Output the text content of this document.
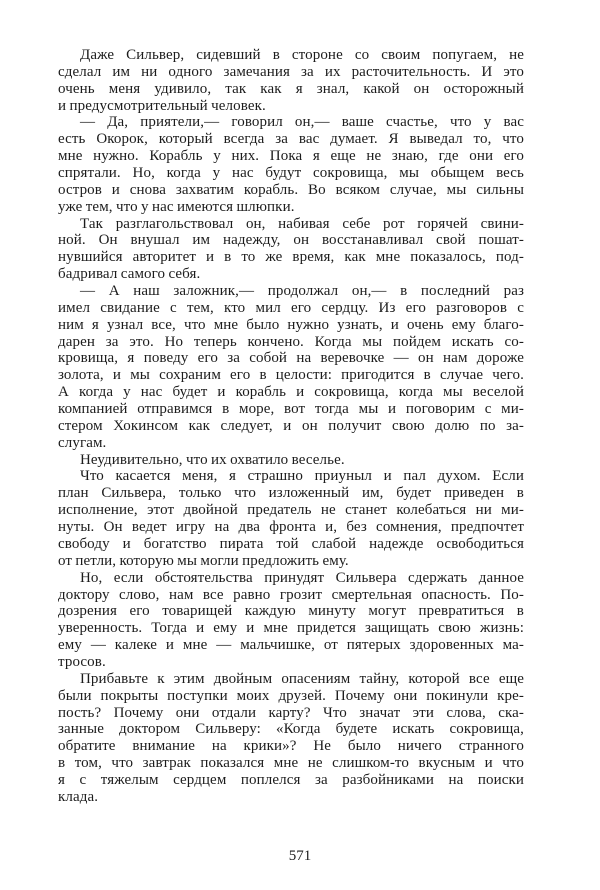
Даже Сильвер, сидевший в стороне со своим попугаем, не
сделал им ни одного замечания за их расточительность. И это
очень меня удивило, так как я знал, какой он осторожный
и предусмотрительный человек.
— Да, приятели,— говорил он,— ваше счастье, что у вас
есть Окорок, который всегда за вас думает. Я выведал то, что
мне нужно. Корабль у них. Пока я еще не знаю, где они его
спрятали. Но, когда у нас будут сокровища, мы обыщем весь
остров и снова захватим корабль. Во всяком случае, мы сильны
уже тем, что у нас имеются шлюпки.
Так разглагольствовал он, набивая себе рот горячей свини-
ной. Он внушал им надежду, он восстанавливал свой пошат-
нувшийся авторитет и в то же время, как мне показалось, под-
бадривал самого себя.
— А наш заложник,— продолжал он,— в последний раз
имел свидание с тем, кто мил его сердцу. Из его разговоров с
ним я узнал все, что мне было нужно узнать, и очень ему благо-
дарен за это. Но теперь кончено. Когда мы пойдем искать со-
кровища, я поведу его за собой на веревочке — он нам дороже
золота, и мы сохраним его в целости: пригодится в случае чего.
А когда у нас будет и корабль и сокровища, когда мы веселой
компанией отправимся в море, вот тогда мы и поговорим с ми-
стером Хокинсом как следует, и он получит свою долю по за-
слугам.
Неудивительно, что их охватило веселье.
Что касается меня, я страшно приуныл и пал духом. Если
план Сильвера, только что изложенный им, будет приведен в
исполнение, этот двойной предатель не станет колебаться ни ми-
нуты. Он ведет игру на два фронта и, без сомнения, предпочтет
свободу и богатство пирата той слабой надежде освободиться
от петли, которую мы могли предложить ему.
Но, если обстоятельства принудят Сильвера сдержать данное
доктору слово, нам все равно грозит смертельная опасность. По-
дозрения его товарищей каждую минуту могут превратиться в
уверенность. Тогда и ему и мне придется защищать свою жизнь:
ему — калеке и мне — мальчишке, от пятерых здоровенных ма-
тросов.
Прибавьте к этим двойным опасениям тайну, которой все еще
были покрыты поступки моих друзей. Почему они покинули кре-
пость? Почему они отдали карту? Что значат эти слова, ска-
занные доктором Сильверу: «Когда будете искать сокровища,
обратите внимание на крики»? Не было ничего странного
в том, что завтрак показался мне не слишком-то вкусным и что
я с тяжелым сердцем поплелся за разбойниками на поиски
клада.
571
